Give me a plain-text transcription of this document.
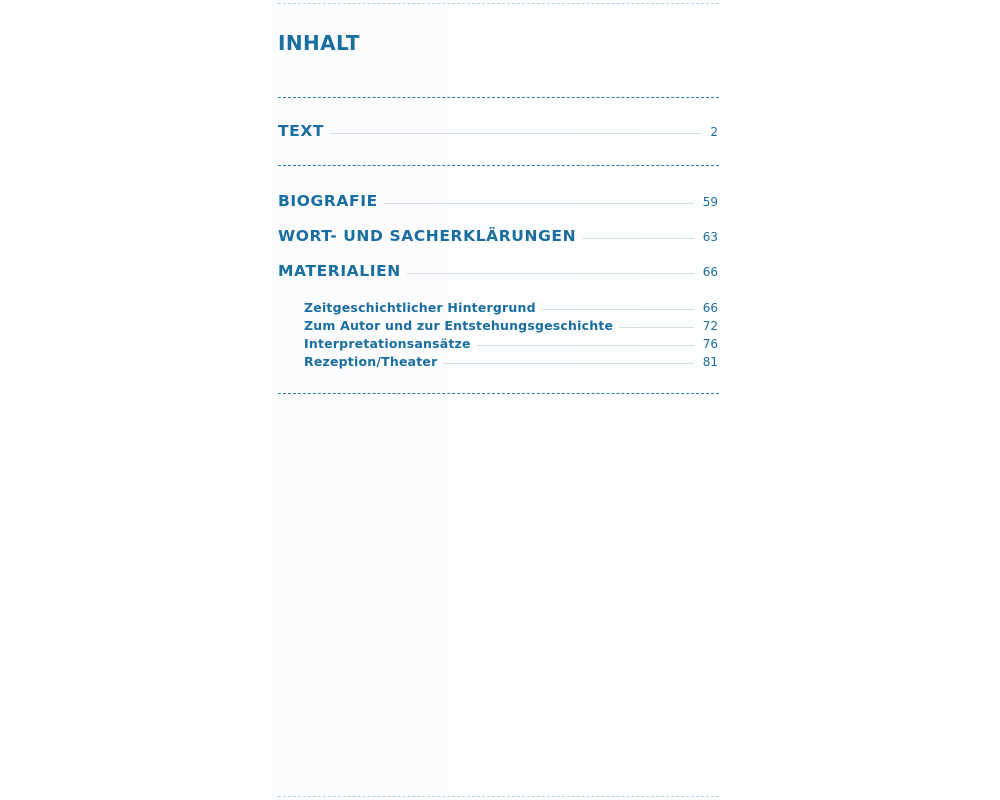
INHALT
TEXT	2
BIOGRAFIE	59
WORT- UND SACHERKLÄRUNGEN	63
MATERIALIEN	66
Zeitgeschichtlicher Hintergrund	66
Zum Autor und zur Entstehungsgeschichte	72
Interpretationsansätze	76
Rezeption/Theater	81
